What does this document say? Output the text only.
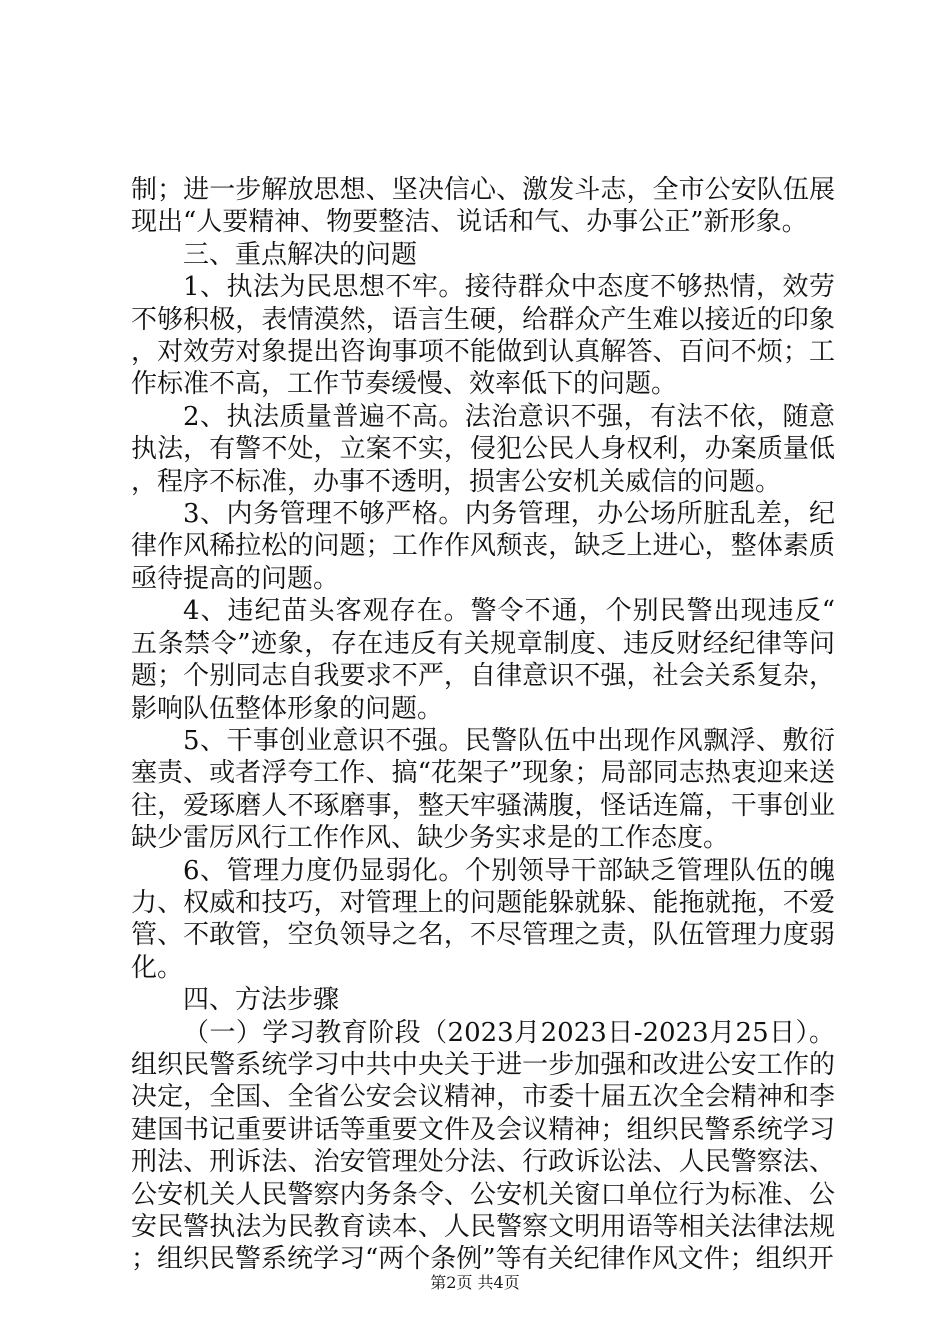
制；进一步解放思想、坚决信心、激发斗志，全市公安队伍展现出“人要精神、物要整洁、说话和气、办事公正”新形象。

三、重点解决的问题

1、执法为民思想不牢。接待群众中态度不够热情，效劳不够积极，表情漠然，语言生硬，给群众产生难以接近的印象，对效劳对象提出咨询事项不能做到认真解答、百问不烦；工作标准不高，工作节奏缓慢、效率低下的问题。

2、执法质量普遍不高。法治意识不强，有法不依，随意执法，有警不处，立案不实，侵犯公民人身权利，办案质量低，程序不标准，办事不透明，损害公安机关威信的问题。

3、内务管理不够严格。内务管理，办公场所脏乱差，纪律作风稀拉松的问题；工作作风颓丧，缺乏上进心，整体素质亟待提高的问题。

4、违纪苗头客观存在。警令不通，个别民警出现违反“五条禁令”迹象，存在违反有关规章制度、违反财经纪律等问题；个别同志自我要求不严，自律意识不强，社会关系复杂，影响队伍整体形象的问题。

5、干事创业意识不强。民警队伍中出现作风飘浮、敷衍塞责、或者浮夸工作、搞“花架子”现象；局部同志热衷迎来送往，爱琢磨人不琢磨事，整天牢骚满腹，怪话连篇，干事创业缺少雷厉风行工作作风、缺少务实求是的工作态度。

6、管理力度仍显弱化。个别领导干部缺乏管理队伍的魄力、权威和技巧，对管理上的问题能躲就躲、能拖就拖，不爱管、不敢管，空负领导之名，不尽管理之责，队伍管理力度弱化。

四、方法步骤

（一）学习教育阶段（2023月2023日-2023月25日）。组织民警系统学习中共中央关于进一步加强和改进公安工作的决定，全国、全省公安会议精神，市委十届五次全会精神和李建国书记重要讲话等重要文件及会议精神；组织民警系统学习刑法、刑诉法、治安管理处分法、行政诉讼法、人民警察法、公安机关人民警察内务条令、公安机关窗口单位行为标准、公安民警执法为民教育读本、人民警察文明用语等相关法律法规；组织民警系统学习“两个条例”等有关纪律作风文件；组织开

第2页 共4页
